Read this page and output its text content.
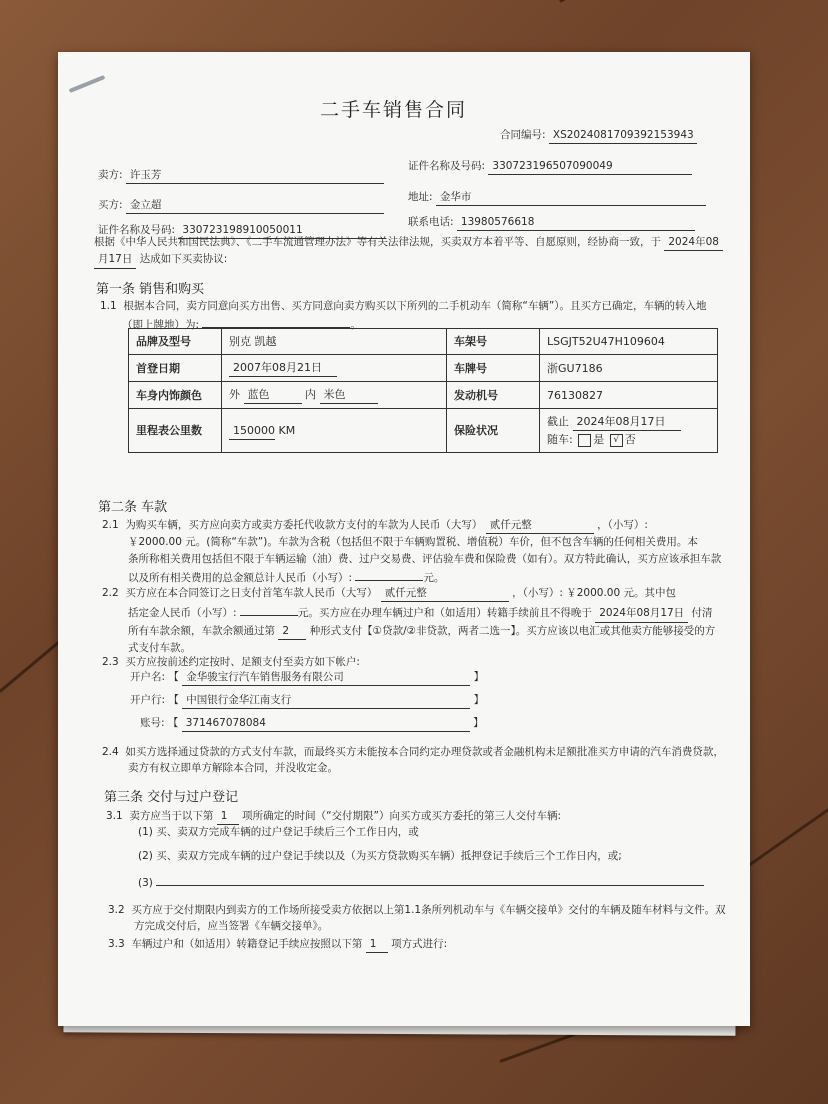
二手车销售合同
合同编号: XS2024081709392153943
卖方: 许玉芳
证件名称及号码: 330723196507090049
买方: 金立超
地址: 金华市
证件名称及号码: 330723198910050011
联系电话: 13980576618
根据《中华人民共和国民法典》、《二手车流通管理办法》等有关法律法规，买卖双方本着平等、自愿原则，经协商一致，于 2024年08
月17日 达成如下买卖协议:
第一条 销售和购买
1.1 根据本合同，卖方同意向买方出售、买方同意向卖方购买以下所列的二手机动车（简称“车辆”）。且买方已确定，车辆的转入地
（即上牌地）为:	。
品牌及型号	别克 凯越	车架号	LSGJT52U47H109604
首登日期	2007年08月21日	车牌号	浙GU7186
车身内饰颜色	外 蓝色 内 米色	发动机号	76130827
里程表公里数	150000 KM	保险状况	截止 2024年08月17日
随车: 是 √ 否
第二条 车款
2.1 为购买车辆，买方应向卖方或卖方委托代收款方支付的车款为人民币（大写） 贰仟元整	，（小写）:
￥2000.00 元。(简称“车款”)。车款为含税（包括但不限于车辆购置税、增值税）车价，但不包含车辆的任何相关费用。本
条所称相关费用包括但不限于车辆运输（油）费、过户交易费、评估验车费和保险费（如有）。双方特此确认，买方应该承担车款
以及所有相关费用的总金额总计人民币（小写）:	元。
2.2 买方应在本合同签订之日支付首笔车款人民币（大写） 贰仟元整	，（小写）: ￥2000.00 元。其中包
括定金人民币（小写）:	元。买方应在办理车辆过户和（如适用）转籍手续前且不得晚于 2024年08月17日 付清
所有车款余额，车款余额通过第 2 种形式支付【①贷款/②非贷款，两者二选一】。买方应该以电汇或其他卖方能够接受的方
式支付车款。
2.3 买方应按前述约定按时、足额支付至卖方如下帐户:
开户名: 【 金华骏宝行汽车销售服务有限公司	】
开户行: 【 中国银行金华江南支行	】
账号: 【 371467078084	】
2.4 如买方选择通过贷款的方式支付车款，而最终买方未能按本合同约定办理贷款或者金融机构未足额批准买方申请的汽车消费贷款，
卖方有权立即单方解除本合同，并没收定金。
第三条 交付与过户登记
3.1 卖方应当于以下第 1 项所确定的时间（“交付期限”）向买方或买方委托的第三人交付车辆:
(1) 买、卖双方完成车辆的过户登记手续后三个工作日内，或
(2) 买、卖双方完成车辆的过户登记手续以及（为买方贷款购买车辆）抵押登记手续后三个工作日内，或;
(3)
3.2 买方应于交付期限内到卖方的工作场所接受卖方依据以上第1.1条所列机动车与《车辆交接单》交付的车辆及随车材料与文件。双
方完成交付后，应当签署《车辆交接单》。
3.3 车辆过户和（如适用）转籍登记手续应按照以下第 1 项方式进行:
